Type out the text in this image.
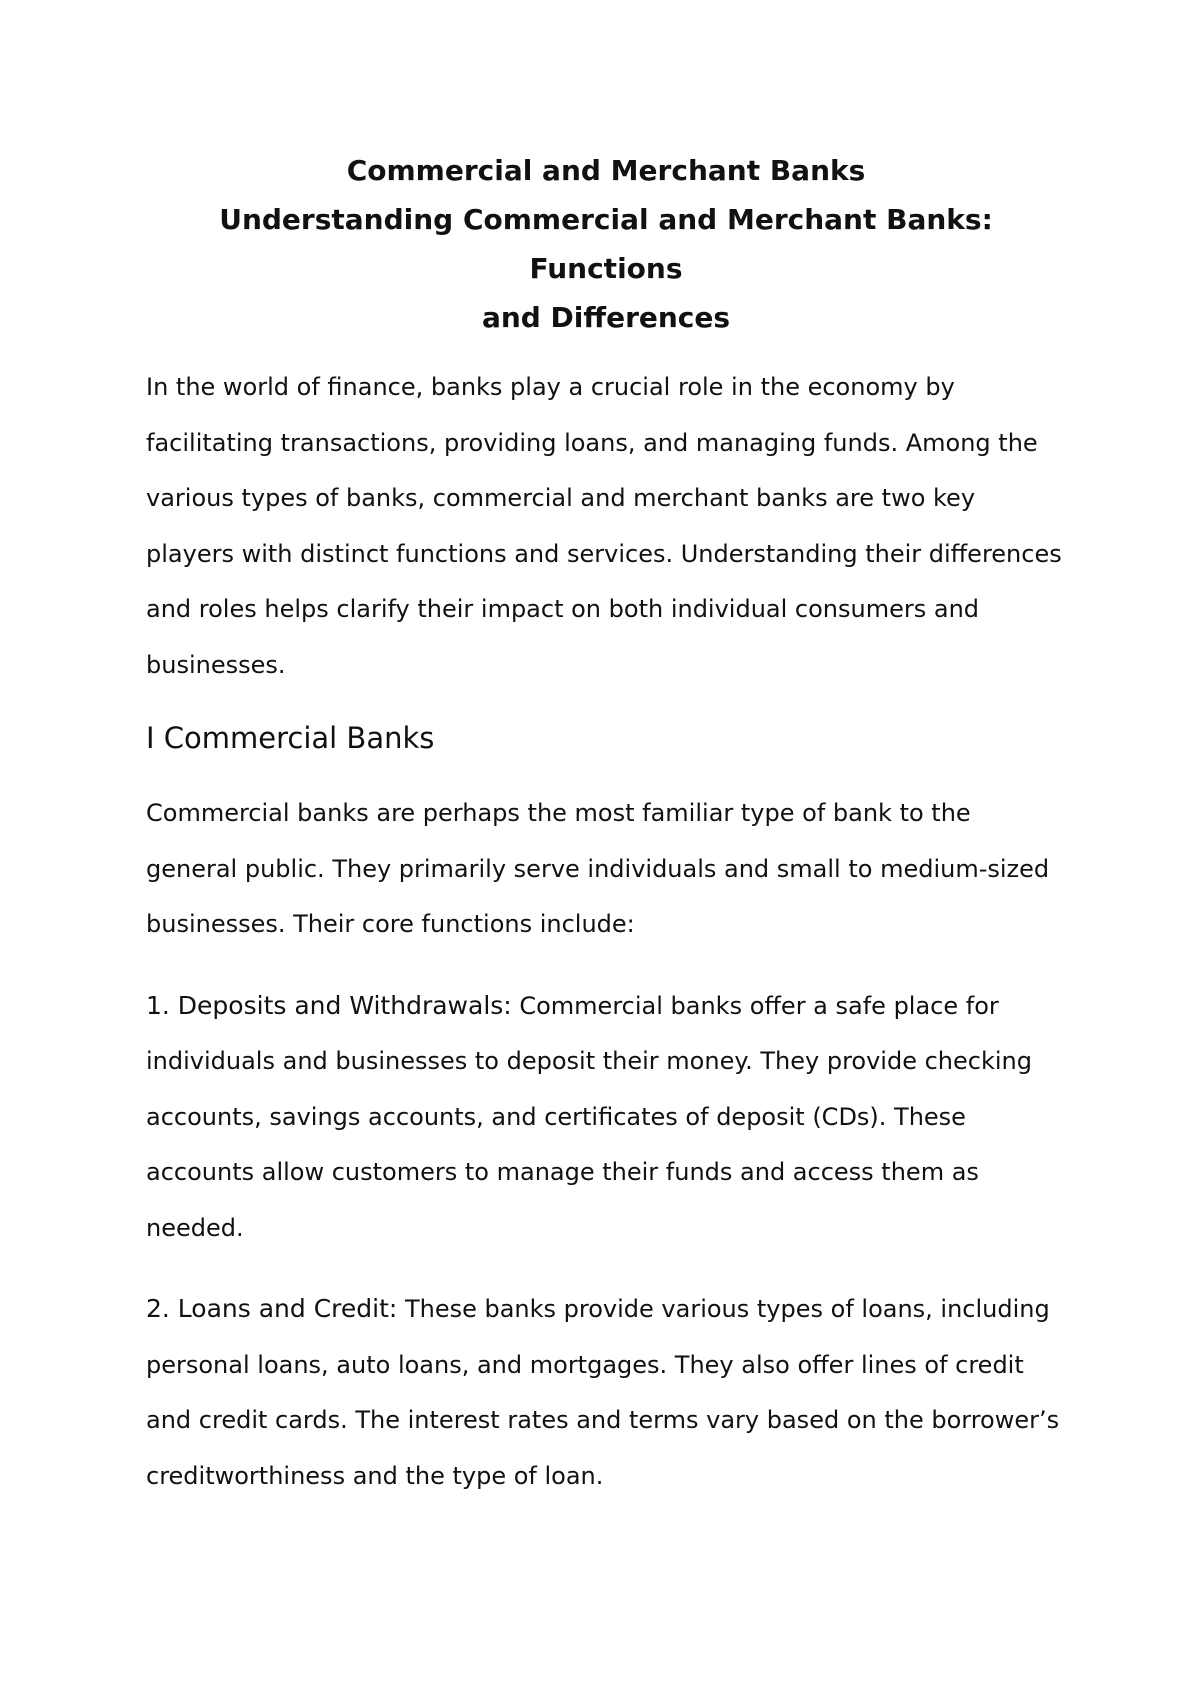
Commercial and Merchant Banks
Understanding Commercial and Merchant Banks: Functions
and Differences

In the world of finance, banks play a crucial role in the economy by facilitating transactions, providing loans, and managing funds. Among the various types of banks, commercial and merchant banks are two key players with distinct functions and services. Understanding their differences and roles helps clarify their impact on both individual consumers and businesses.

I Commercial Banks

Commercial banks are perhaps the most familiar type of bank to the general public. They primarily serve individuals and small to medium-sized businesses. Their core functions include:

1. Deposits and Withdrawals: Commercial banks offer a safe place for individuals and businesses to deposit their money. They provide checking accounts, savings accounts, and certificates of deposit (CDs). These accounts allow customers to manage their funds and access them as needed.

2. Loans and Credit: These banks provide various types of loans, including personal loans, auto loans, and mortgages. They also offer lines of credit and credit cards. The interest rates and terms vary based on the borrower’s creditworthiness and the type of loan.
